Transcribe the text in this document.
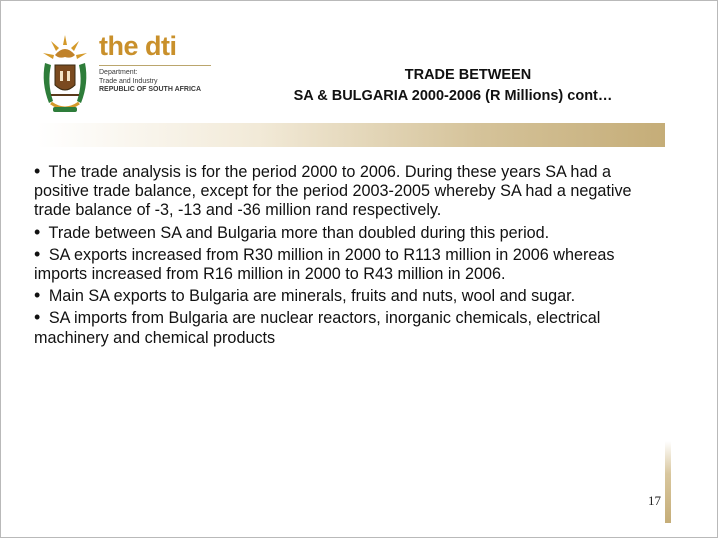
the dti
Department:
Trade and Industry
REPUBLIC OF SOUTH AFRICA
TRADE BETWEEN
SA & BULGARIA 2000-2006 (R Millions) cont…

• The trade analysis is for the period 2000 to 2006. During these years SA had a positive trade balance, except for the period 2003-2005 whereby SA had a negative trade balance of -3, -13 and -36 million rand respectively.

• Trade between SA and Bulgaria more than doubled during this period.

• SA exports increased from R30 million in 2000 to R113 million in 2006 whereas imports increased from R16 million in 2000 to R43 million in 2006.

• Main SA exports to Bulgaria are minerals, fruits and nuts, wool and sugar.

• SA imports from Bulgaria are nuclear reactors, inorganic chemicals, electrical machinery and chemical products

17
